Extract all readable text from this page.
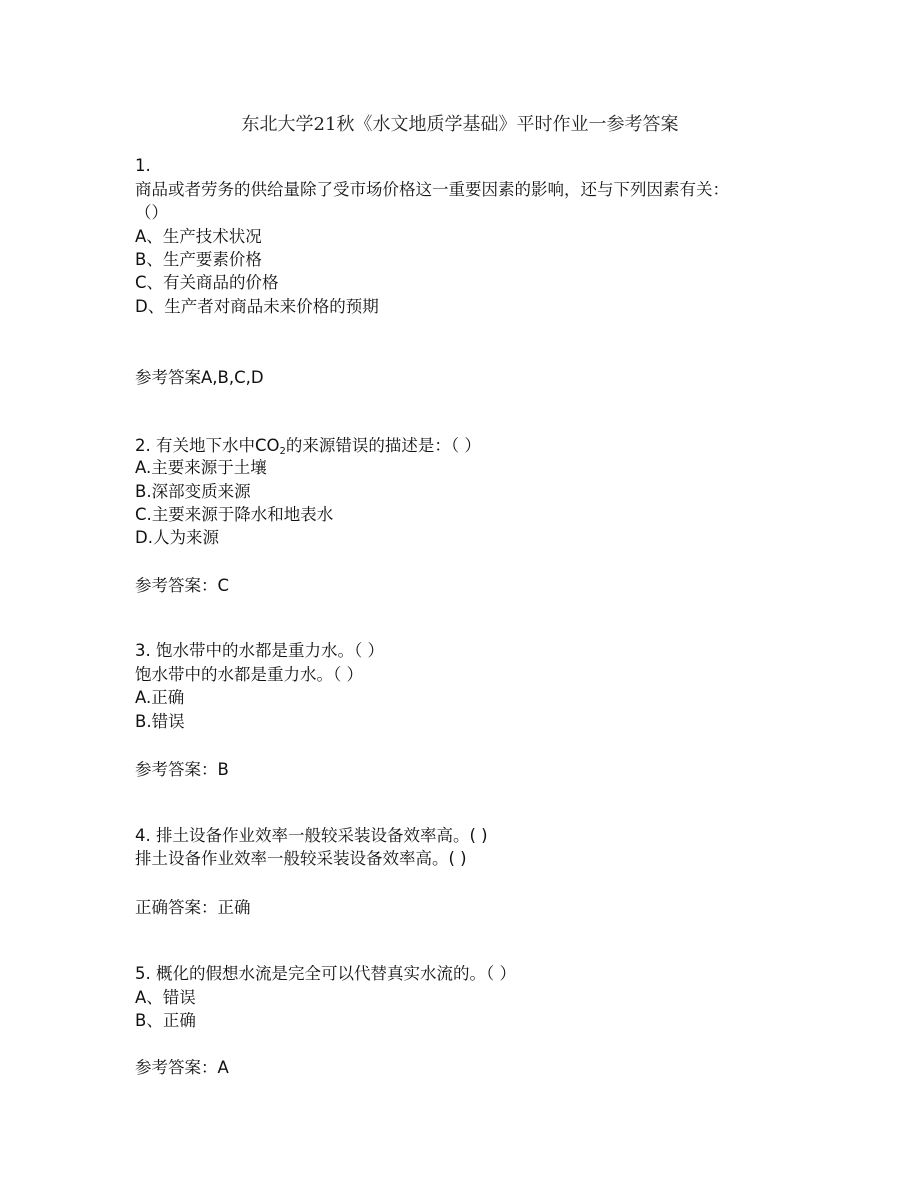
东北大学21秋《水文地质学基础》平时作业一参考答案
1.
商品或者劳务的供给量除了受市场价格这一重要因素的影响，还与下列因素有关：
（）
A、生产技术状况
B、生产要素价格
C、有关商品的价格
D、生产者对商品未来价格的预期
参考答案A,B,C,D
2. 有关地下水中$CO_2$的来源错误的描述是：（ ）
A.主要来源于土壤
B.深部变质来源
C.主要来源于降水和地表水
D.人为来源
参考答案：C
3. 饱水带中的水都是重力水。（ ）
饱水带中的水都是重力水。（ ）
A.正确
B.错误
参考答案：B
4. 排土设备作业效率一般较采装设备效率高。( )
排土设备作业效率一般较采装设备效率高。( )
正确答案：正确
5. 概化的假想水流是完全可以代替真实水流的。（ ）
A、错误
B、正确
参考答案：A
